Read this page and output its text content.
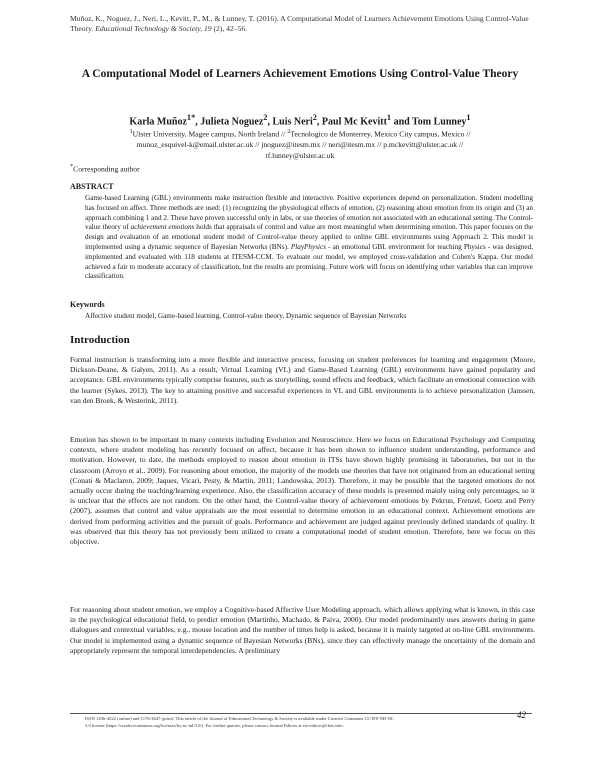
Muñoz, K., Noguez, J., Neri, L., Kevitt, P., M., & Lunney, T. (2016). A Computational Model of Learners Achievement Emotions Using Control-Value Theory. Educational Technology & Society, 19 (2), 42–56.
A Computational Model of Learners Achievement Emotions Using Control-Value Theory
Karla Muñoz$^{1*}$, Julieta Noguez$^2$, Luis Neri$^2$, Paul Mc Kevitt$^1$ and Tom Lunney$^1$
$^1$Ulster University, Magee campus, North Ireland // $^2$Tecnologico de Monterrey, Mexico City campus, Mexico //
munoz_esquivel-k@email.ulster.ac.uk // jnoguez@itesm.mx // neri@itesm.mx // p.mckevitt@ulster.ac.uk //
tf.lunney@ulster.ac.uk
*Corresponding author
ABSTRACT
Game-based Learning (GBL) environments make instruction flexible and interactive. Positive experiences depend on personalization. Student modelling has focused on affect. Three methods are used: (1) recognizing the physiological effects of emotion, (2) reasoning about emotion from its origin and (3) an approach combining 1 and 2. These have proven successful only in labs, or use theories of emotion not associated with an educational setting. The Control-value theory of achievement emotions holds that appraisals of control and value are most meaningful when determining emotion. This paper focuses on the design and evaluation of an emotional student model of Control-value theory applied to online GBL environments using Approach 2. This model is implemented using a dynamic sequence of Bayesian Networks (BNs). PlayPhysics - an emotional GBL environment for teaching Physics - was designed, implemented and evaluated with 118 students at ITESM-CCM. To evaluate our model, we employed cross-validation and Cohen's Kappa. Our model achieved a fair to moderate accuracy of classification, but the results are promising. Future work will focus on identifying other variables that can improve classification.
Keywords
Affective student model, Game-based learning, Control-value theory, Dynamic sequence of Bayesian Networks
Introduction
Formal instruction is transforming into a more flexible and interactive process, focusing on student preferences for learning and engagement (Moore, Dickson-Deane, & Galyen, 2011). As a result, Virtual Learning (VL) and Game-Based Learning (GBL) environments have gained popularity and acceptance. GBL environments typically comprise features, such as storytelling, sound effects and feedback, which facilitate an emotional connection with the learner (Sykes, 2013). The key to attaining positive and successful experiences in VL and GBL environments is to achieve personalization (Janssen, van den Broek, & Westerink, 2011).
Emotion has shown to be important in many contexts including Evolution and Neuroscience. Here we focus on Educational Psychology and Computing contexts, where student modeling has recently focused on affect, because it has been shown to influence student understanding, performance and motivation. However, to date, the methods employed to reason about emotion in ITSs have shown highly promising in laboratories, but not in the classroom (Arroyo et al., 2009). For reasoning about emotion, the majority of the models use theories that have not originated from an educational setting (Conati & Maclaren, 2009; Jaques, Vicari, Pesty, & Martin, 2011; Landowska, 2013). Therefore, it may be possible that the targeted emotions do not actually occur during the teaching/learning experience. Also, the classification accuracy of these models is presented mainly using only percentages, so it is unclear that the effects are not random. On the other hand, the Control-value theory of achievement emotions by Pekrun, Frenzel, Goetz and Perry (2007), assumes that control and value appraisals are the most essential to determine emotion in an educational context. Achievement emotions are derived from performing activities and the pursuit of goals. Performance and achievement are judged against previously defined standards of quality. It was observed that this theory has not previously been utilized to create a computational model of student emotion. Therefore, here we focus on this objective.
For reasoning about student emotion, we employ a Cognitive-based Affective User Modeling approach, which allows applying what is known, in this case in the psychological educational field, to predict emotion (Martinho, Machado, & Paiva, 2000). Our model predominantly uses answers during in game dialogues and contextual variables, e.g., mouse location and the number of times help is asked, because it is mainly targeted at on-line GBL environments. Our model is implemented using a dynamic sequence of Bayesian Networks (BNs), since they can effectively manage the uncertainty of the domain and appropriately represent the temporal interdependencies. A preliminary
ISSN 1436-4522 (online) and 1176-3647 (print). This article of the Journal of Educational Technology & Society is available under Creative Commons CC-BY-ND-NC
3.0 license (https://creativecommons.org/licenses/by-nc-nd/3.0/). For further queries, please contact Journal Editors at ets-editors@ifets.info.
42
